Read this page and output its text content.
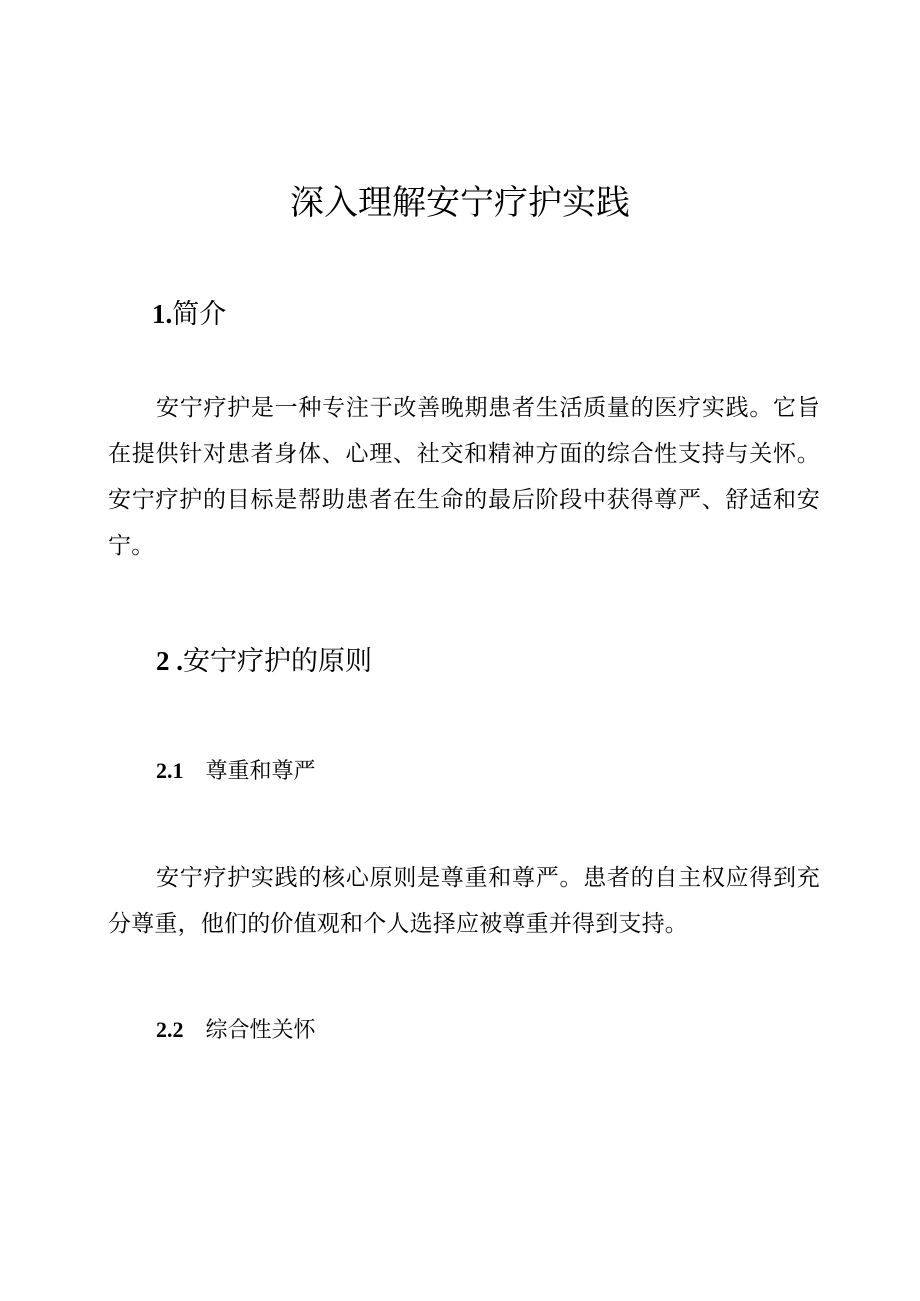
深入理解安宁疗护实践
1.简介

安宁疗护是一种专注于改善晚期患者生活质量的医疗实践。它旨在提供针对患者身体、心理、社交和精神方面的综合性支持与关怀。安宁疗护的目标是帮助患者在生命的最后阶段中获得尊严、舒适和安宁。

2 .安宁疗护的原则
2.1 尊重和尊严

安宁疗护实践的核心原则是尊重和尊严。患者的自主权应得到充分尊重，他们的价值观和个人选择应被尊重并得到支持。

2.2 综合性关怀
